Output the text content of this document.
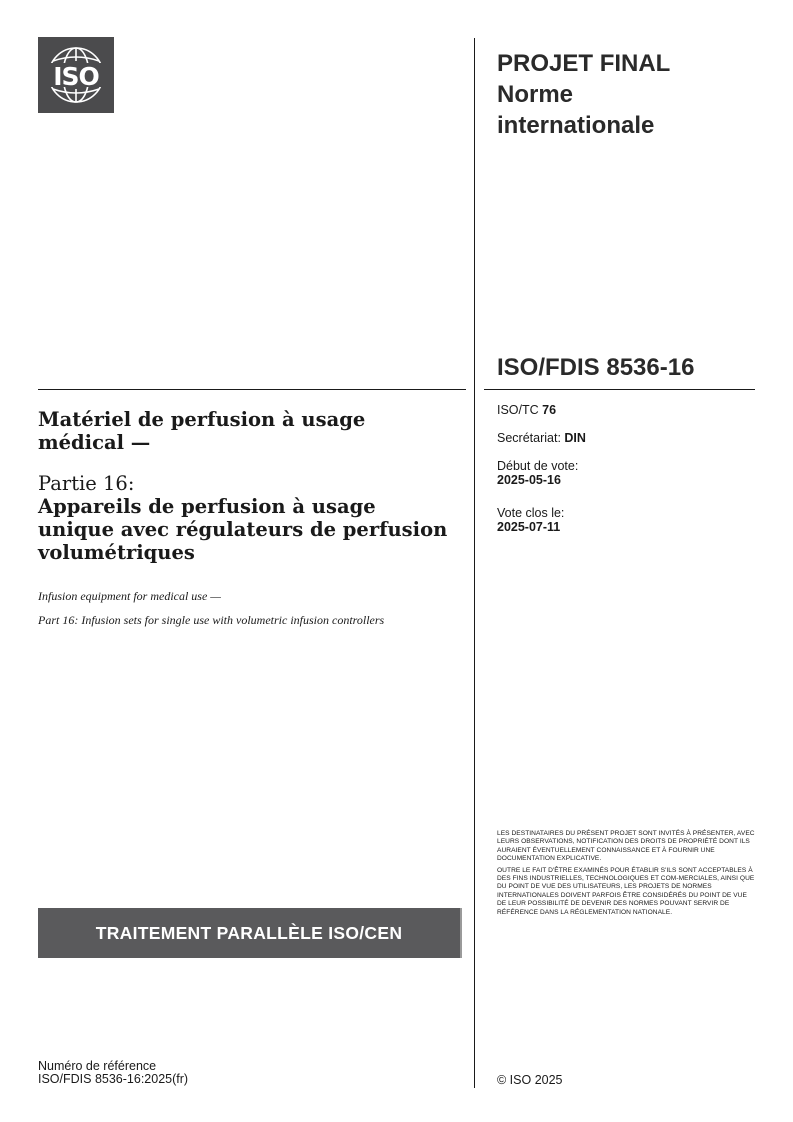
ISO	PROJET FINAL
Norme
internationale
ISO/FDIS 8536-16
ISO/TC 76
Secrétariat: DIN
Début de vote:
2025-05-16
Vote clos le:
2025-07-11
Matériel de perfusion à usage médical —
Partie 16:
Appareils de perfusion à usage unique avec régulateurs de perfusion volumétriques
Infusion equipment for medical use —
Part 16: Infusion sets for single use with volumetric infusion controllers

LES DESTINATAIRES DU PRÉSENT PROJET SONT INVITÉS À PRÉSENTER, AVEC LEURS OBSERVATIONS, NOTIFICATION DES DROITS DE PROPRIÉTÉ DONT ILS AURAIENT ÉVENTUELLEMENT CONNAISSANCE ET À FOURNIR UNE DOCUMENTATION EXPLICATIVE.

OUTRE LE FAIT D'ÊTRE EXAMINÉS POUR ÉTABLIR S'ILS SONT ACCEPTABLES À DES FINS INDUSTRIELLES, TECHNOLOGIQUES ET COM-MERCIALES, AINSI QUE DU POINT DE VUE DES UTILISATEURS, LES PROJETS DE NORMES INTERNATIONALES DOIVENT PARFOIS ÊTRE CONSIDÉRÉS DU POINT DE VUE DE LEUR POSSIBILITÉ DE DEVENIR DES NORMES POUVANT SERVIR DE RÉFÉRENCE DANS LA RÉGLEMENTATION NATIONALE.

TRAITEMENT PARALLÈLE ISO/CEN
Numéro de référence
ISO/FDIS 8536-16:2025(fr)	© ISO 2025
